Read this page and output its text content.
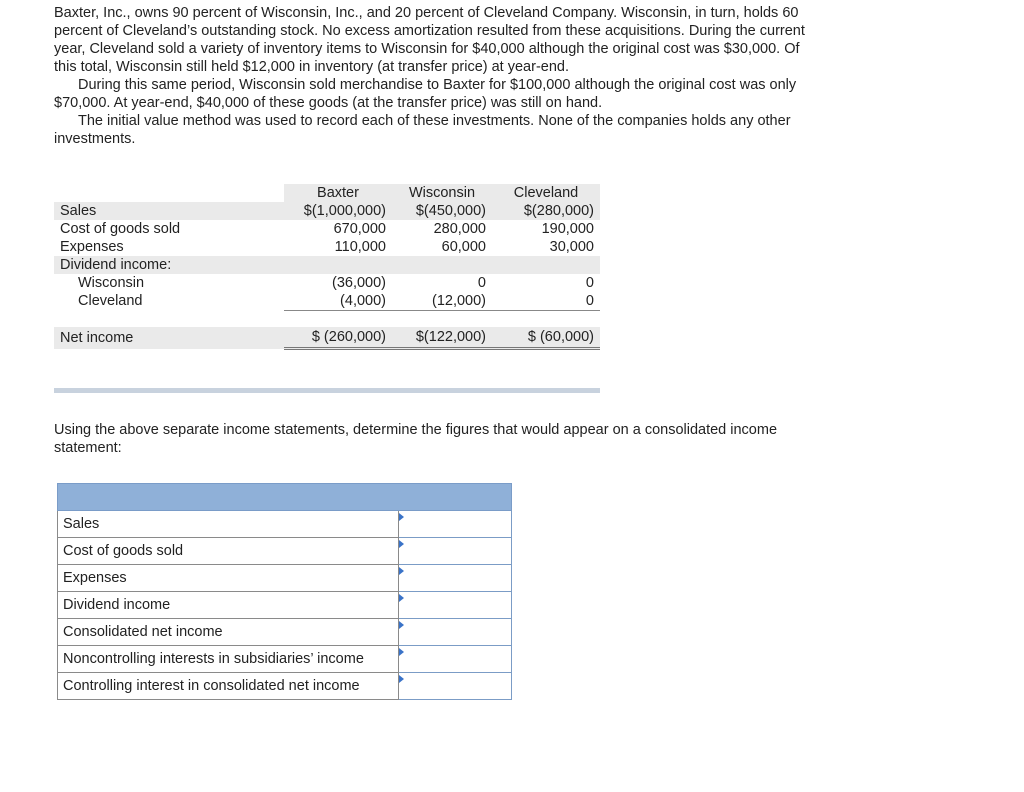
Baxter, Inc., owns 90 percent of Wisconsin, Inc., and 20 percent of Cleveland Company. Wisconsin, in turn, holds 60 percent of Cleveland’s outstanding stock. No excess amortization resulted from these acquisitions. During the current year, Cleveland sold a variety of inventory items to Wisconsin for $40,000 although the original cost was $30,000. Of this total, Wisconsin still held $12,000 in inventory (at transfer price) at year-end.

During this same period, Wisconsin sold merchandise to Baxter for $100,000 although the original cost was only $70,000. At year-end, $40,000 of these goods (at the transfer price) was still on hand.

The initial value method was used to record each of these investments. None of the companies holds any other investments.

	Baxter	Wisconsin	Cleveland
Sales	$(1,000,000)	$(450,000)	$(280,000)
Cost of goods sold	670,000	280,000	190,000
Expenses	110,000	60,000	30,000
Dividend income:			
Wisconsin	(36,000)	0	0
Cleveland	(4,000)	(12,000)	0

Net income	$ (260,000)	$(122,000)	$ (60,000)

Using the above separate income statements, determine the figures that would appear on a consolidated income statement:

Sales	
Cost of goods sold	
Expenses	
Dividend income	
Consolidated net income	
Noncontrolling interests in subsidiaries’ income	
Controlling interest in consolidated net income	
